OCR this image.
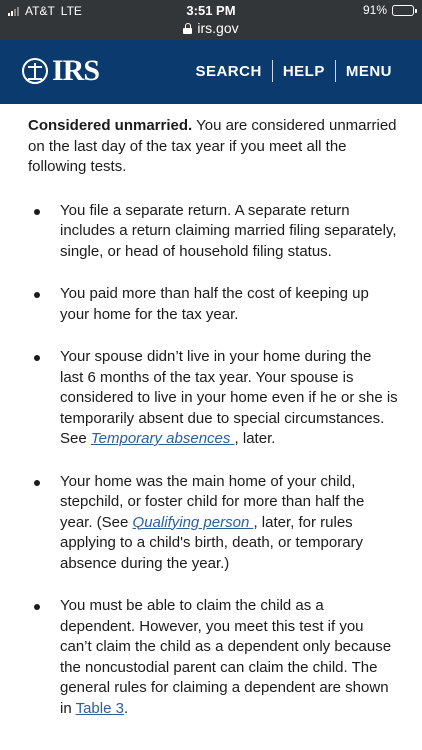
AT&T LTE	3:51 PM
irs.gov
91%
IRS	SEARCH	HELP	MENU

Considered unmarried. You are considered unmarried on the last day of the tax year if you meet all the following tests.

You file a separate return. A separate return includes a return claiming married filing separately, single, or head of household filing status.
You paid more than half the cost of keeping up your home for the tax year.
Your spouse didn’t live in your home during the last 6 months of the tax year. Your spouse is considered to live in your home even if he or she is temporarily absent due to special circumstances. See Temporary absences , later.
Your home was the main home of your child, stepchild, or foster child for more than half the year. (See Qualifying person , later, for rules applying to a child's birth, death, or temporary absence during the year.)
You must be able to claim the child as a dependent. However, you meet this test if you can’t claim the child as a dependent only because the noncustodial parent can claim the child. The general rules for claiming a dependent are shown in Table 3.
